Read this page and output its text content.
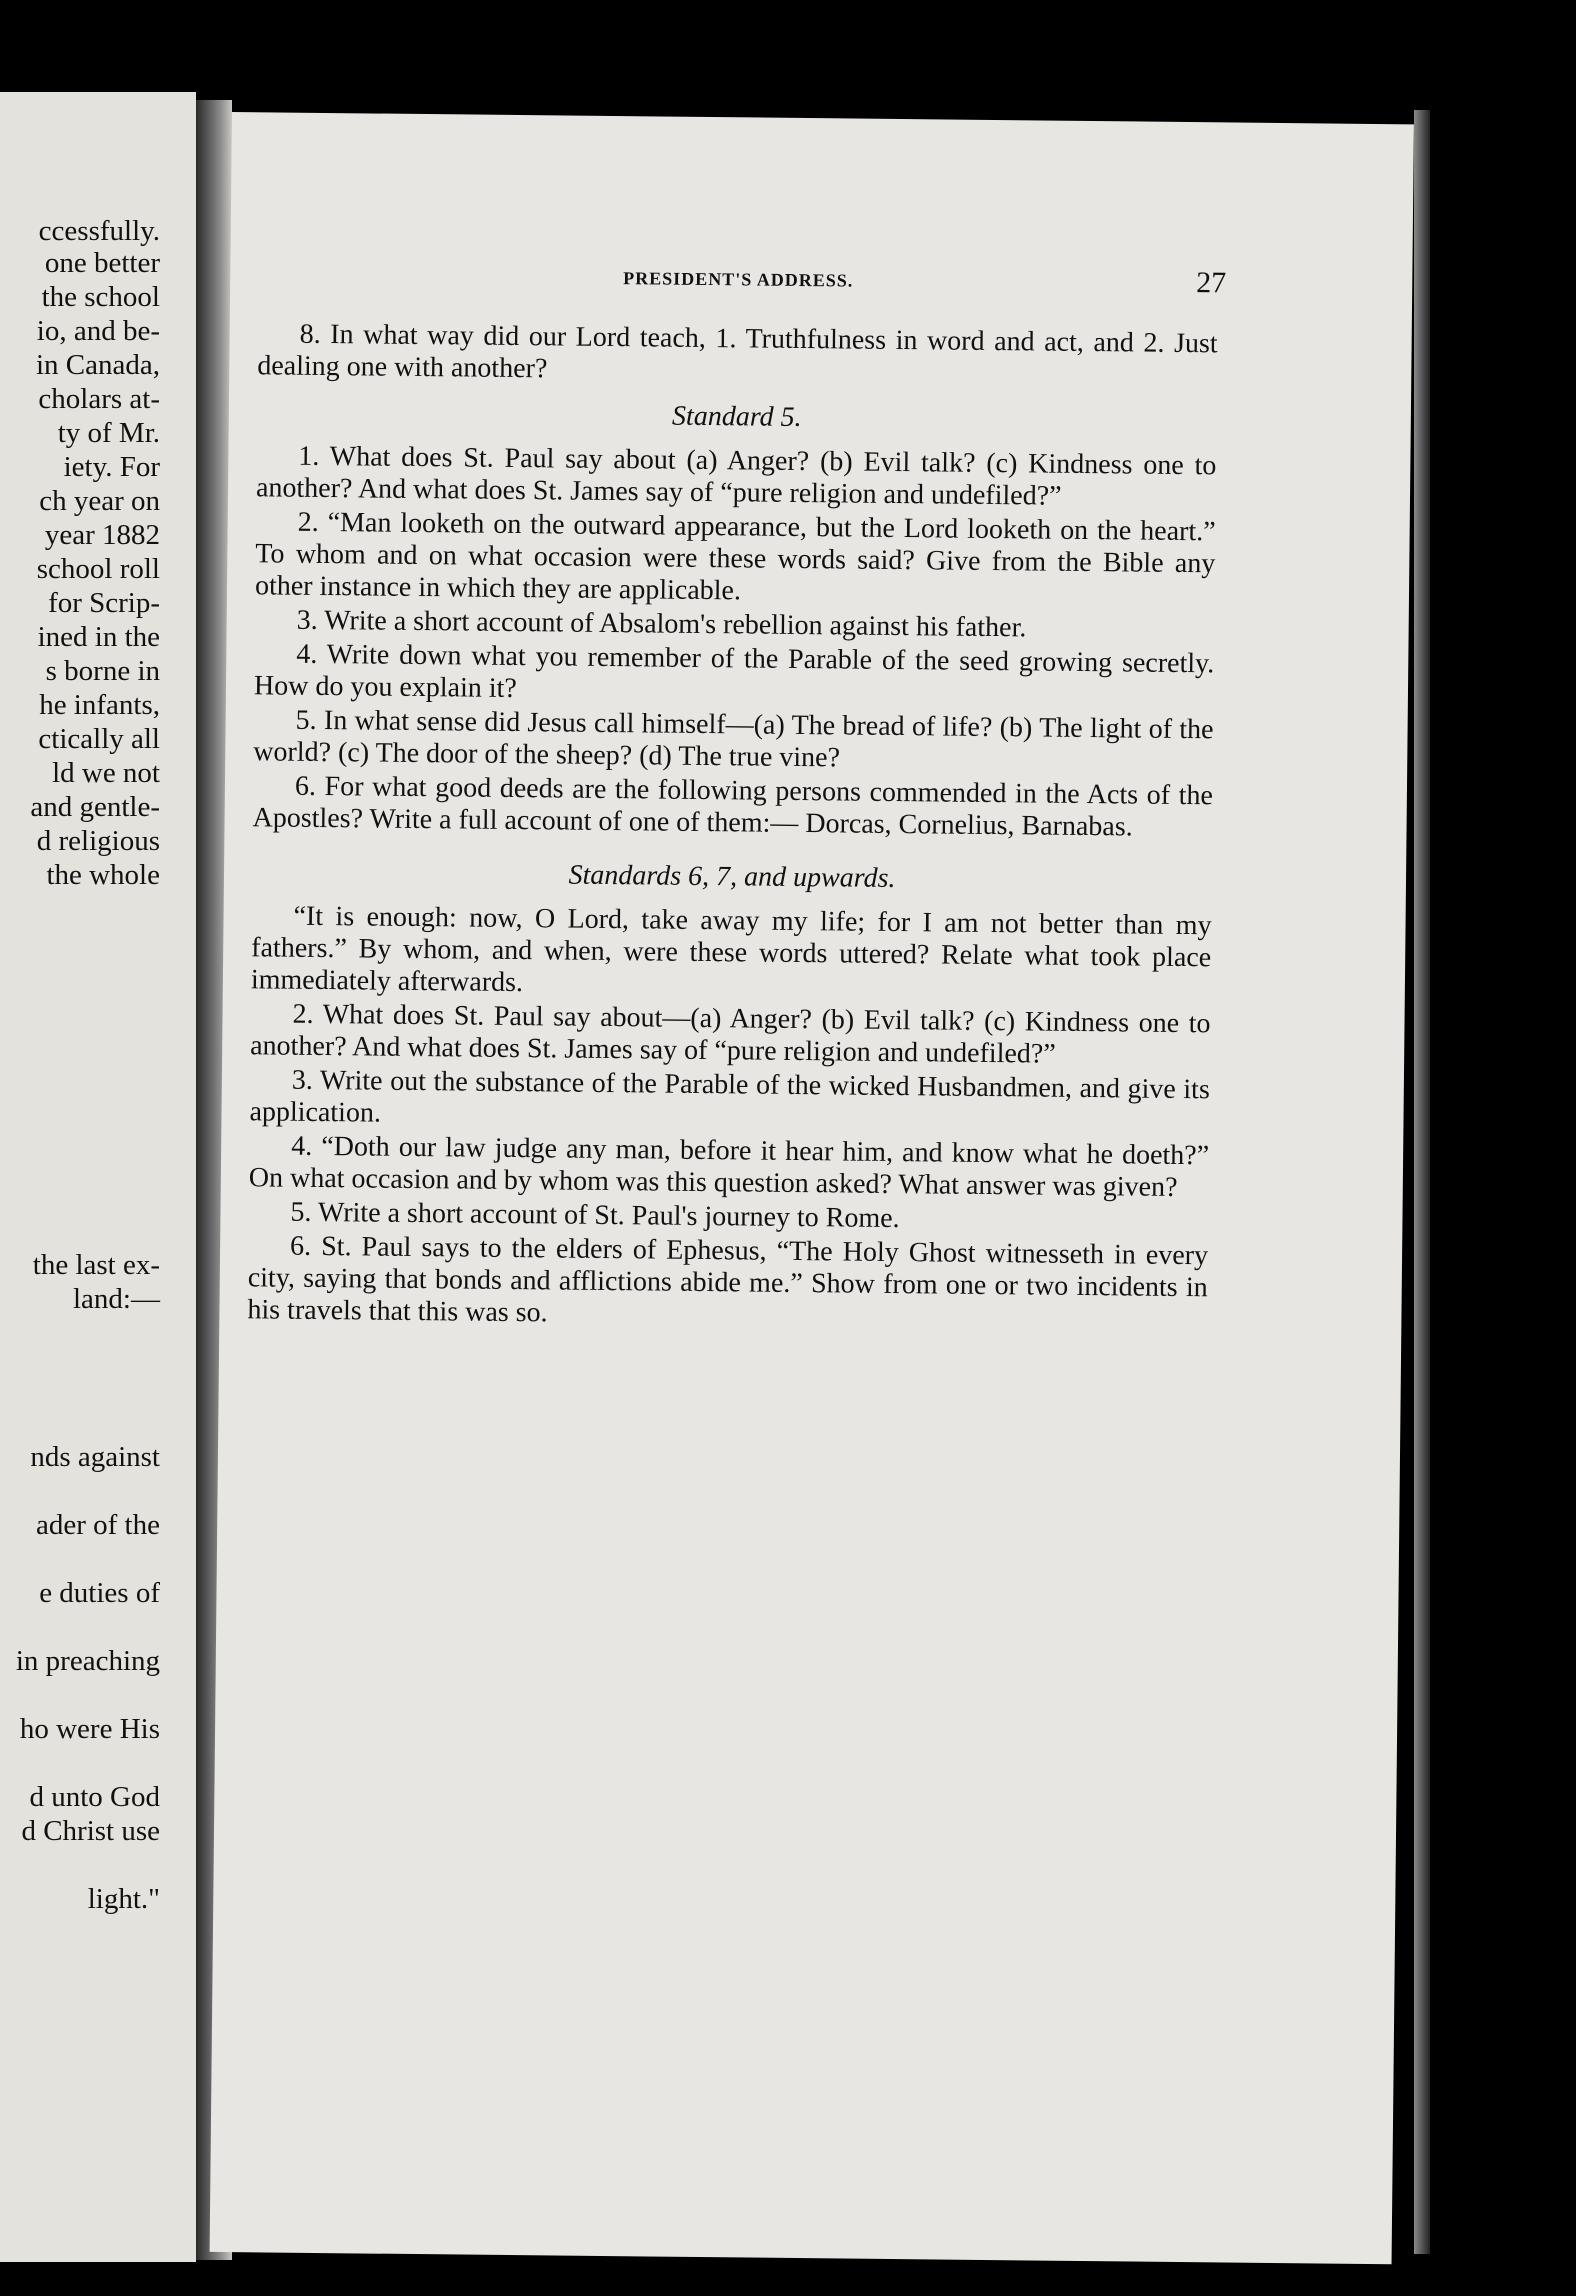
ccessfully.
one better
the school
io, and be-
in Canada,
cholars at-
ty of Mr.
iety. For
ch year on
year 1882
school roll
for Scrip-
ined in the
s borne in
he infants,
ctically all
ld we not
and gentle-
d religious
the whole
the last ex-
land:—
nds against
ader of the
e duties of
in preaching
ho were His
d unto God
d Christ use
light."
PRESIDENT'S ADDRESS.	27

8. In what way did our Lord teach, 1. Truthfulness in word and act, and 2. Just dealing one with another?

Standard 5.

1. What does St. Paul say about (a) Anger? (b) Evil talk? (c) Kindness one to another? And what does St. James say of “pure religion and undefiled?”

2. “Man looketh on the outward appearance, but the Lord looketh on the heart.” To whom and on what occasion were these words said? Give from the Bible any other instance in which they are applicable.

3. Write a short account of Absalom's rebellion against his father.

4. Write down what you remember of the Parable of the seed growing secretly. How do you explain it?

5. In what sense did Jesus call himself—(a) The bread of life? (b) The light of the world? (c) The door of the sheep? (d) The true vine?

6. For what good deeds are the following persons commended in the Acts of the Apostles? Write a full account of one of them:— Dorcas, Cornelius, Barnabas.

Standards 6, 7, and upwards.

“It is enough: now, O Lord, take away my life; for I am not better than my fathers.” By whom, and when, were these words uttered? Relate what took place immediately afterwards.

2. What does St. Paul say about—(a) Anger? (b) Evil talk? (c) Kindness one to another? And what does St. James say of “pure religion and undefiled?”

3. Write out the substance of the Parable of the wicked Husbandmen, and give its application.

4. “Doth our law judge any man, before it hear him, and know what he doeth?” On what occasion and by whom was this question asked? What answer was given?

5. Write a short account of St. Paul's journey to Rome.

6. St. Paul says to the elders of Ephesus, “The Holy Ghost witnesseth in every city, saying that bonds and afflictions abide me.” Show from one or two incidents in his travels that this was so.
